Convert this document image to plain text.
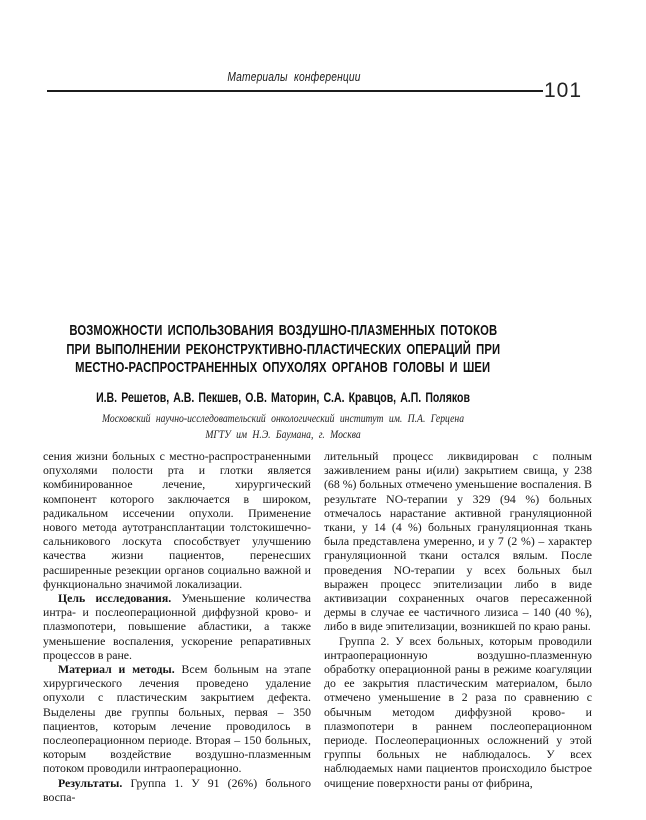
Материалы конференции
101
ВОЗМОЖНОСТИ ИСПОЛЬЗОВАНИЯ ВОЗДУШНО-ПЛАЗМЕННЫХ ПОТОКОВ
ПРИ ВЫПОЛНЕНИИ РЕКОНСТРУКТИВНО-ПЛАСТИЧЕСКИХ ОПЕРАЦИЙ ПРИ
МЕСТНО-РАСПРОСТРАНЕННЫХ ОПУХОЛЯХ ОРГАНОВ ГОЛОВЫ И ШЕИ
И.В. Решетов, А.В. Пекшев, О.В. Маторин, С.А. Кравцов, А.П. Поляков
Московский научно-исследовательский онкологический институт им. П.А. Герцена
МГТУ им Н.Э. Баумана, г. Москва

сения жизни больных с местно-распространенными опухолями полости рта и глотки является комбинированное лечение, хирургический компонент которого заключается в широком, радикальном иссечении опухоли. Применение нового метода аутотрансплантации толстокишечно-сальникового лоскута способствует улучшению качества жизни пациентов, перенесших расширенные резекции органов социально важной и функционально значимой локализации.

Цель исследования. Уменьшение количества интра- и послеоперационной диффузной крово- и плазмопотери, повышение абластики, а также уменьшение воспаления, ускорение репаративных процессов в ране.

Материал и методы. Всем больным на этапе хирургического лечения проведено удаление опухоли с пластическим закрытием дефекта. Выделены две группы больных, первая – 350 пациентов, которым лечение проводилось в послеоперационном периоде. Вторая – 150 больных, которым воздействие воздушно-плазменным потоком проводили интраоперационно.

Результаты. Группа 1. У 91 (26%) больного воспа-

лительный процесс ликвидирован с полным заживлением раны и(или) закрытием свища, у 238 (68 %) больных отмечено уменьшение воспаления. В результате NO-терапии у 329 (94 %) больных отмечалось нарастание активной грануляционной ткани, у 14 (4 %) больных грануляционная ткань была представлена умеренно, и у 7 (2 %) – характер грануляционной ткани остался вялым. После проведения NO-терапии у всех больных был выражен процесс эпителизации либо в виде активизации сохраненных очагов пересаженной дермы в случае ее частичного лизиса – 140 (40 %), либо в виде эпителизации, возникшей по краю раны.

Группа 2. У всех больных, которым проводили интраоперационную воздушно-плазменную обработку операционной раны в режиме коагуляции до ее закрытия пластическим материалом, было отмечено уменьшение в 2 раза по сравнению с обычным методом диффузной крово- и плазмопотери в раннем послеоперационном периоде. Послеоперационных осложнений у этой группы больных не наблюдалось. У всех наблюдаемых нами пациентов происходило быстрое очищение поверхности раны от фибрина,
